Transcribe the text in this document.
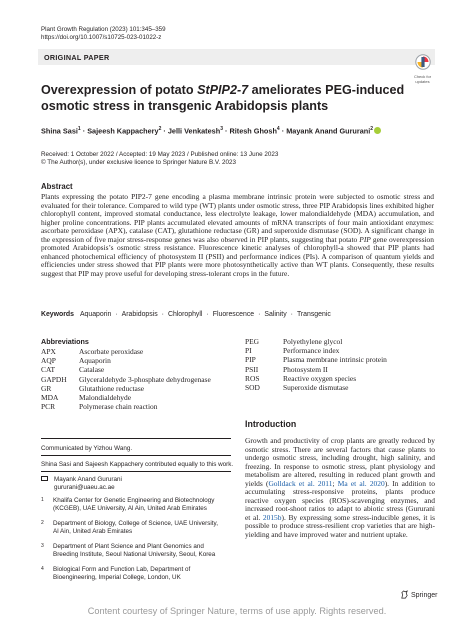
Plant Growth Regulation (2023) 101:345–359
https://doi.org/10.1007/s10725-023-01022-z
ORIGINAL PAPER
Check for
updates
Overexpression of potato StPIP2-7 ameliorates PEG-induced osmotic stress in transgenic Arabidopsis plants
Shina Sasi$^1$ · Sajeesh Kappachery$^2$ · Jelli Venkatesh$^3$ · Ritesh Ghosh$^4$ · Mayank Anand Gururani$^2$
Received: 1 October 2022 / Accepted: 19 May 2023 / Published online: 13 June 2023
© The Author(s), under exclusive licence to Springer Nature B.V. 2023
Abstract
Plants expressing the potato PIP2-7 gene encoding a plasma membrane intrinsic protein were subjected to osmotic stress and evaluated for their tolerance. Compared to wild type (WT) plants under osmotic stress, three PIP Arabidopsis lines exhibited higher chlorophyll content, improved stomatal conductance, less electrolyte leakage, lower malondialdehyde (MDA) accumulation, and higher proline concentrations. PIP plants accumulated elevated amounts of mRNA transcripts of four main antioxidant enzymes: ascorbate peroxidase (APX), catalase (CAT), glutathione reductase (GR) and superoxide dismutase (SOD). A significant change in the expression of five major stress-response genes was also observed in PIP plants, suggesting that potato PIP gene overexpression promoted Arabidopsis’s osmotic stress resistance. Fluorescence kinetic analyses of chlorophyll-a showed that PIP plants had enhanced photochemical efficiency of photosystem II (PSII) and performance indices (PIs). A comparison of quantum yields and efficiencies under stress showed that PIP plants were more photosynthetically active than WT plants. Consequently, these results suggest that PIP may prove useful for developing stress-tolerant crops in the future.
Keywords Aquaporin · Arabidopsis · Chlorophyll · Fluorescence · Salinity · Transgenic
Abbreviations
APX	Ascorbate peroxidase
AQP	Aquaporin
CAT	Catalase
GAPDH Glyceraldehyde 3-phosphate dehydrogenase
GR	Glutathione reductase
MDA	Malondialdehyde
PCR	Polymerase chain reaction
PEG	Polyethylene glycol
PI	Performance index
PIP	Plasma membrane intrinsic protein
PSII	Photosystem II
ROS	Reactive oxygen species
SOD	Superoxide dismutase
Communicated by Yizhou Wang.
Shina Sasi and Sajeesh Kappachery contributed equally to this work.
Mayank Anand Gururani
gururani@uaeu.ac.ae
1 Khalifa Center for Genetic Engineering and Biotechnology
(KCGEB), UAE University, Al Ain, United Arab Emirates
2 Department of Biology, College of Science, UAE University,
Al Ain, United Arab Emirates
3 Department of Plant Science and Plant Genomics and
Breeding Institute, Seoul National University, Seoul, Korea
4 Biological Form and Function Lab, Department of
Bioengineering, Imperial College, London, UK
Introduction
Growth and productivity of crop plants are greatly reduced by osmotic stress. There are several factors that cause plants to undergo osmotic stress, including drought, high salinity, and freezing. In response to osmotic stress, plant physiology and metabolism are altered, resulting in reduced plant growth and yields (Golldack et al. 2011; Ma et al. 2020). In addition to accumulating stress-responsive proteins, plants produce reactive oxygen species (ROS)-scavenging enzymes, and increased root-shoot ratios to adapt to abiotic stress (Gururani et al. 2015b). By expressing some stress-inducible genes, it is possible to produce stress-resilient crop varieties that are high-yielding and have improved water and nutrient uptake.
Springer
Content courtesy of Springer Nature, terms of use apply. Rights reserved.
